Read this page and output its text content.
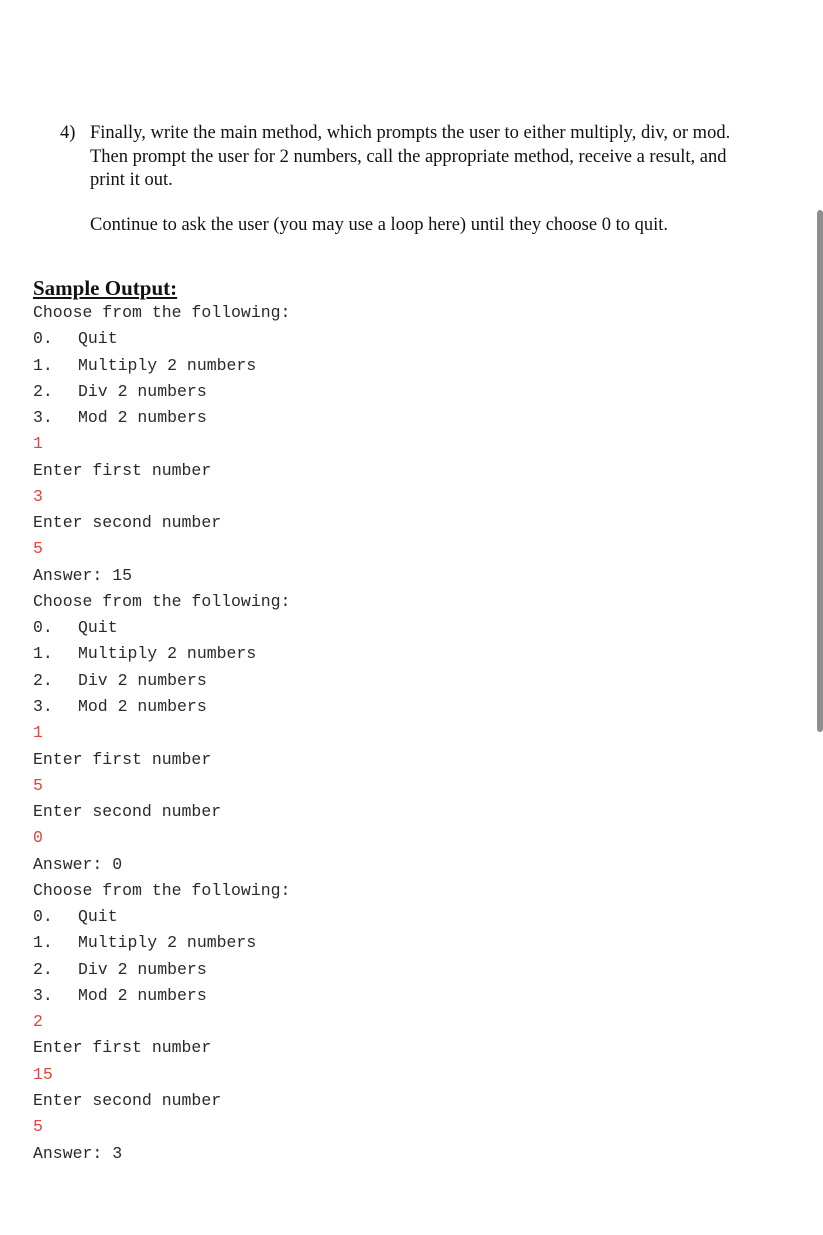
4) Finally, write the main method, which prompts the user to either multiply, div, or mod. Then prompt the user for 2 numbers, call the appropriate method, receive a result, and print it out.
Continue to ask the user (you may use a loop here) until they choose 0 to quit.
Sample Output:
Choose from the following:
0. Quit
1. Multiply 2 numbers
2. Div 2 numbers
3. Mod 2 numbers
1
Enter first number
3
Enter second number
5
Answer: 15
Choose from the following:
0. Quit
1. Multiply 2 numbers
2. Div 2 numbers
3. Mod 2 numbers
1
Enter first number
5
Enter second number
0
Answer: 0
Choose from the following:
0. Quit
1. Multiply 2 numbers
2. Div 2 numbers
3. Mod 2 numbers
2
Enter first number
15
Enter second number
5
Answer: 3
